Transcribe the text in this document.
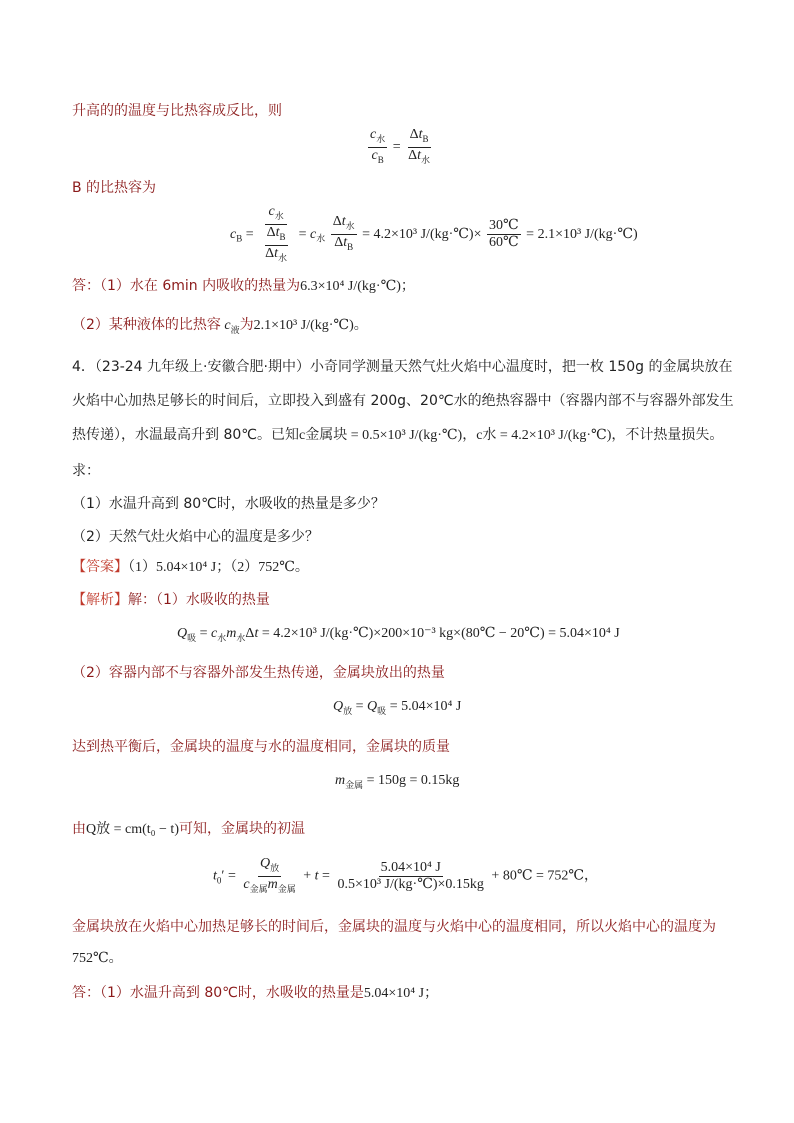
升高的的温度与比热容成反比，则
$\frac{c_水}{c_B} = \frac{\Delta t_B}{\Delta t_水}$
B 的比热容为
$c_B = \frac{c_水}{\frac{\Delta t_B}{\Delta t_水}} = c_水 \frac{\Delta t_水}{\Delta t_B} = 4.2\times 10^3$ J/(kg·℃)× $\frac{30℃}{60℃} = 2.1\times 10^3$ J/(kg·℃)
答：（1）水在 6min 内吸收的热量为6.3×10⁴ J/(kg·℃)；
（2）某种液体的比热容 $c_液$为2.1×10³ J/(kg·℃)。
4．（23-24 九年级上·安徽合肥·期中）小奇同学测量天然气灶火焰中心温度时，把一枚 150g 的金属块放在
火焰中心加热足够长的时间后，立即投入到盛有 200g、20℃水的绝热容器中（容器内部不与容器外部发生
热传递），水温最高升到 80℃。已知c金属块 = 0.5×10³ J/(kg·℃)，c水 = 4.2×10³ J/(kg·℃)，不计热量损失。
求：
（1）水温升高到 80℃时，水吸收的热量是多少？
（2）天然气灶火焰中心的温度是多少？
【答案】（1）5.04×10⁴ J；（2）752℃。
【解析】解：（1）水吸收的热量
$Q_吸 = c_水m_水\Delta t = 4.2\times 10^3$ J/(kg·℃)×200×10⁻³ kg×(80℃ − 20℃) = 5.04×10⁴ J
（2）容器内部不与容器外部发生热传递，金属块放出的热量
$Q_放 = Q_吸 = 5.04\times 10^4$ J
达到热平衡后，金属块的温度与水的温度相同，金属块的质量
$m_{金属} = 150g = 0.15kg$
由Q放 = cm(t₀ − t)可知，金属块的初温
$t_0' = \frac{Q_放}{c_{金属}m_{金属}} + t = \frac{\text{5.04×10⁴ J}}{\text{0.5×10³ J/(kg·℃)×0.15kg}}$ + 80℃ = 752℃，
金属块放在火焰中心加热足够长的时间后，金属块的温度与火焰中心的温度相同，所以火焰中心的温度为
752℃。
答：（1）水温升高到 80℃时，水吸收的热量是5.04×10⁴ J；
